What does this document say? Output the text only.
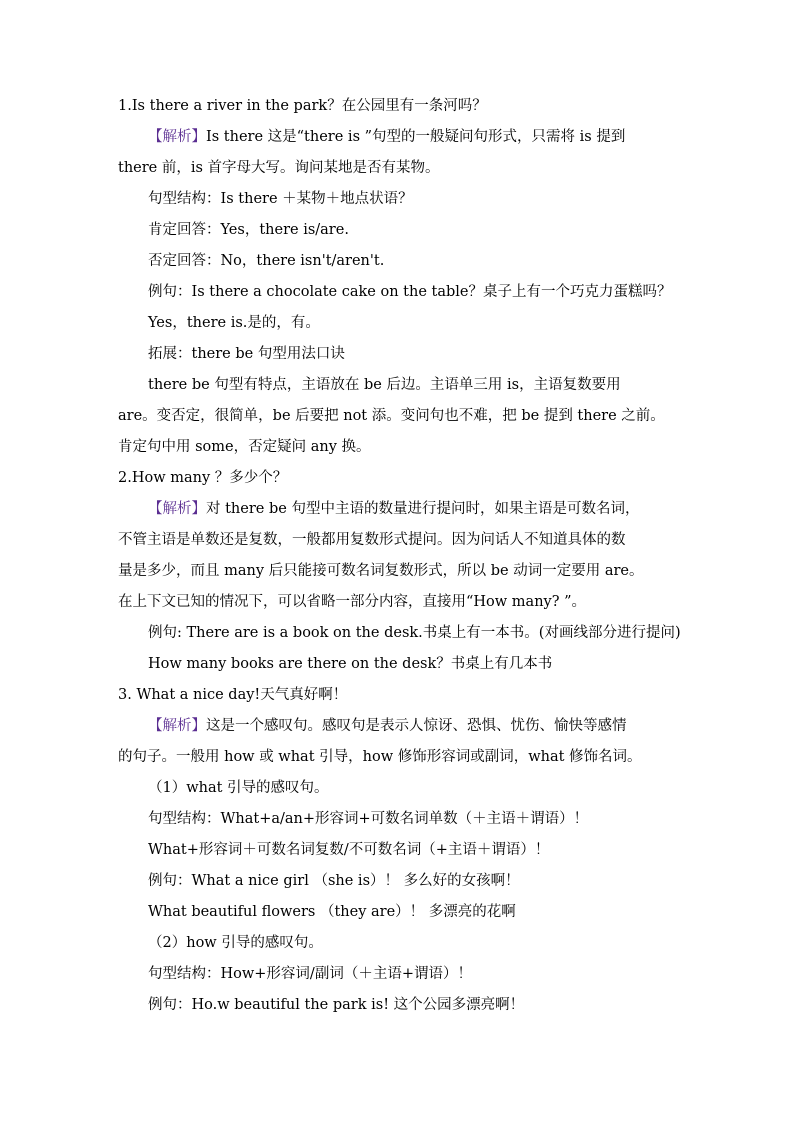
1.Is there a river in the park？在公园里有一条河吗？
【解析】Is there 这是“there is ”句型的一般疑问句形式，只需将 is 提到
there 前，is 首字母大写。询问某地是否有某物。
句型结构：Is there ＋某物＋地点状语？
肯定回答：Yes，there is/are.
否定回答：No，there isn't/aren't.
例句：Is there a chocolate cake on the table？桌子上有一个巧克力蛋糕吗？
Yes，there is.是的，有。
拓展：there be 句型用法口诀
there be 句型有特点，主语放在 be 后边。主语单三用 is，主语复数要用
are。变否定，很简单，be 后要把 not 添。变问句也不难，把 be 提到 there 之前。
肯定句中用 some，否定疑问 any 换。
2.How many ？多少个？
【解析】对 there be 句型中主语的数量进行提问时，如果主语是可数名词，
不管主语是单数还是复数，一般都用复数形式提问。因为问话人不知道具体的数
量是多少，而且 many 后只能接可数名词复数形式，所以 be 动词一定要用 are。
在上下文已知的情况下，可以省略一部分内容，直接用“How many? ”。
例句: There are is a book on the desk.书桌上有一本书。(对画线部分进行提问)
How many books are there on the desk？书桌上有几本书
3. What a nice day!天气真好啊！
【解析】这是一个感叹句。感叹句是表示人惊讶、恐惧、忧伤、愉快等感情
的句子。一般用 how 或 what 引导，how 修饰形容词或副词，what 修饰名词。
（1）what 引导的感叹句。
句型结构：What+a/an+形容词+可数名词单数（＋主语＋谓语）！
What+形容词＋可数名词复数/不可数名词（+主语＋谓语）！
例句：What a nice girl （she is）！ 多么好的女孩啊！
What beautiful flowers （they are）！ 多漂亮的花啊
（2）how 引导的感叹句。
句型结构：How+形容词/副词（＋主语+谓语）！
例句：Ho.w beautiful the park is! 这个公园多漂亮啊！
